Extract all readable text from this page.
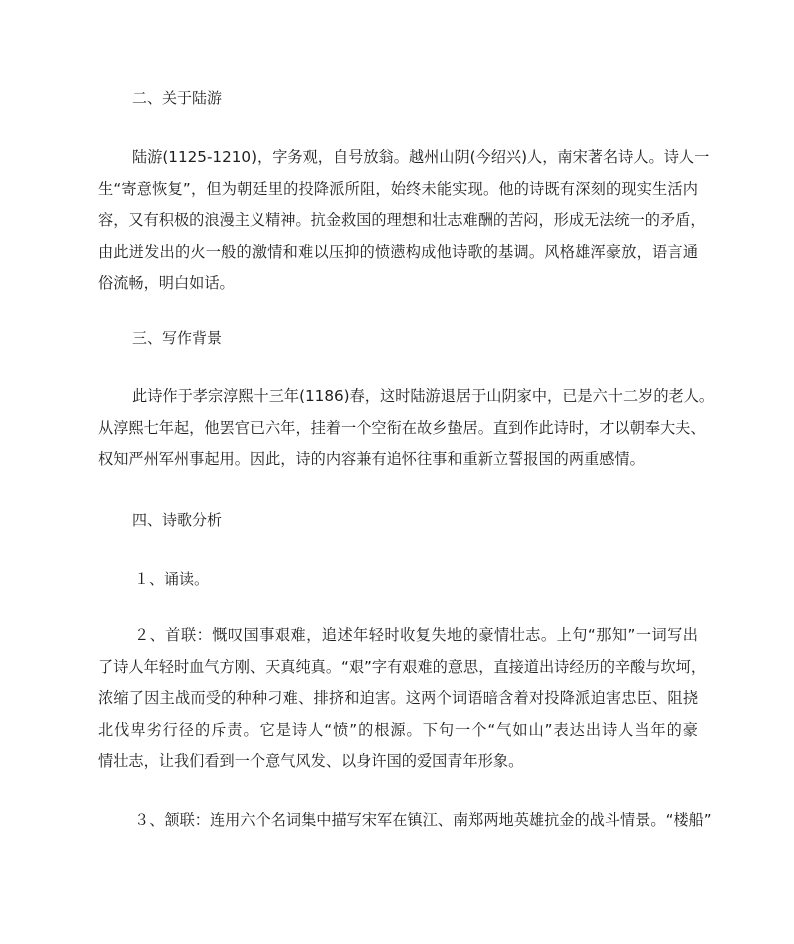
二、关于陆游
陆游(1125-1210)，字务观，自号放翁。越州山阴(今绍兴)人，南宋著名诗人。诗人一
生“寄意恢复”，但为朝廷里的投降派所阻，始终未能实现。他的诗既有深刻的现实生活内
容，又有积极的浪漫主义精神。抗金救国的理想和壮志难酬的苦闷，形成无法统一的矛盾，
由此迸发出的火一般的激情和难以压抑的愤懑构成他诗歌的基调。风格雄浑豪放，语言通
俗流畅，明白如话。
三、写作背景
此诗作于孝宗淳熙十三年(1186)春，这时陆游退居于山阴家中，已是六十二岁的老人。
从淳熙七年起，他罢官已六年，挂着一个空衔在故乡蛰居。直到作此诗时，才以朝奉大夫、
权知严州军州事起用。因此，诗的内容兼有追怀往事和重新立誓报国的两重感情。
四、诗歌分析
１、诵读。
２、首联：慨叹国事艰难，追述年轻时收复失地的豪情壮志。上句“那知”一词写出
了诗人年轻时血气方刚、天真纯真。“艰”字有艰难的意思，直接道出诗经历的辛酸与坎坷，
浓缩了因主战而受的种种刁难、排挤和迫害。这两个词语暗含着对投降派迫害忠臣、阻挠
北伐卑劣行径的斥责。它是诗人“愤”的根源。下句一个“气如山”表达出诗人当年的豪
情壮志，让我们看到一个意气风发、以身许国的爱国青年形象。
３、颔联：连用六个名词集中描写宋军在镇江、南郑两地英雄抗金的战斗情景。“楼船”
